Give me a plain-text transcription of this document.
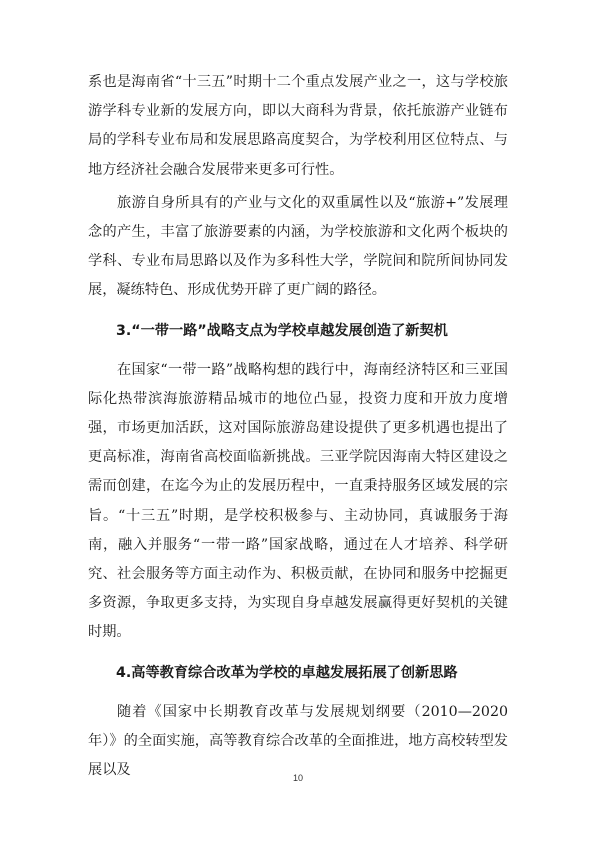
系也是海南省“十三五”时期十二个重点发展产业之一，这与学校旅游学科专业新的发展方向，即以大商科为背景，依托旅游产业链布局的学科专业布局和发展思路高度契合，为学校利用区位特点、与地方经济社会融合发展带来更多可行性。

旅游自身所具有的产业与文化的双重属性以及“旅游+”发展理念的产生，丰富了旅游要素的内涵，为学校旅游和文化两个板块的学科、专业布局思路以及作为多科性大学，学院间和院所间协同发展，凝练特色、形成优势开辟了更广阔的路径。

3.“一带一路”战略支点为学校卓越发展创造了新契机

在国家“一带一路”战略构想的践行中，海南经济特区和三亚国际化热带滨海旅游精品城市的地位凸显，投资力度和开放力度增强，市场更加活跃，这对国际旅游岛建设提供了更多机遇也提出了更高标准，海南省高校面临新挑战。三亚学院因海南大特区建设之需而创建，在迄今为止的发展历程中，一直秉持服务区域发展的宗旨。“十三五”时期，是学校积极参与、主动协同，真诚服务于海南，融入并服务“一带一路”国家战略，通过在人才培养、科学研究、社会服务等方面主动作为、积极贡献，在协同和服务中挖掘更多资源，争取更多支持，为实现自身卓越发展赢得更好契机的关键时期。

4.高等教育综合改革为学校的卓越发展拓展了创新思路

随着《国家中长期教育改革与发展规划纲要（2010—2020 年）》的全面实施，高等教育综合改革的全面推进，地方高校转型发展以及	10
